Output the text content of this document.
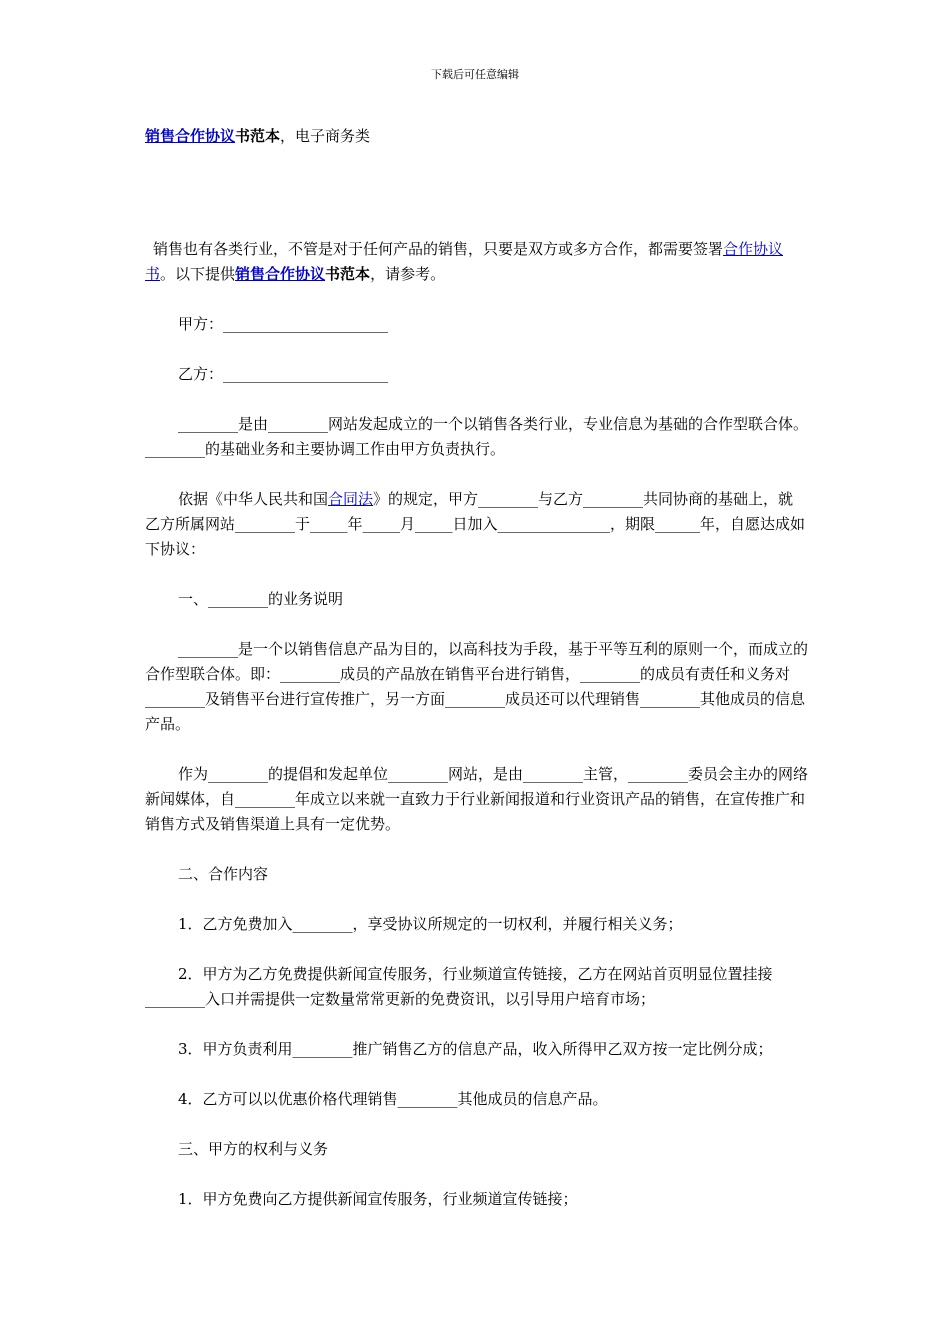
下载后可任意编辑
销售合作协议书范本，电子商务类

销售也有各类行业，不管是对于任何产品的销售，只要是双方或多方合作，都需要签署合作协议书。以下提供销售合作协议书范本，请参考。

甲方：______________________

乙方：______________________

________是由________网站发起成立的一个以销售各类行业，专业信息为基础的合作型联合体。________的基础业务和主要协调工作由甲方负责执行。

依据《中华人民共和国合同法》的规定，甲方________与乙方________共同协商的基础上，就乙方所属网站________于_____年_____月_____日加入_______________，期限______年，自愿达成如下协议：

一、________的业务说明

________是一个以销售信息产品为目的，以高科技为手段，基于平等互利的原则一个，而成立的合作型联合体。即：________成员的产品放在销售平台进行销售，________的成员有责任和义务对________及销售平台进行宣传推广，另一方面________成员还可以代理销售________其他成员的信息产品。

作为________的提倡和发起单位________网站，是由________主管，________委员会主办的网络新闻媒体，自________年成立以来就一直致力于行业新闻报道和行业资讯产品的销售，在宣传推广和销售方式及销售渠道上具有一定优势。

二、合作内容

1．乙方免费加入________，享受协议所规定的一切权利，并履行相关义务；

2．甲方为乙方免费提供新闻宣传服务，行业频道宣传链接，乙方在网站首页明显位置挂接________入口并需提供一定数量常常更新的免费资讯，以引导用户培育市场；

3．甲方负责利用________推广销售乙方的信息产品，收入所得甲乙双方按一定比例分成；

4．乙方可以以优惠价格代理销售________其他成员的信息产品。

三、甲方的权利与义务

1．甲方免费向乙方提供新闻宣传服务，行业频道宣传链接；
